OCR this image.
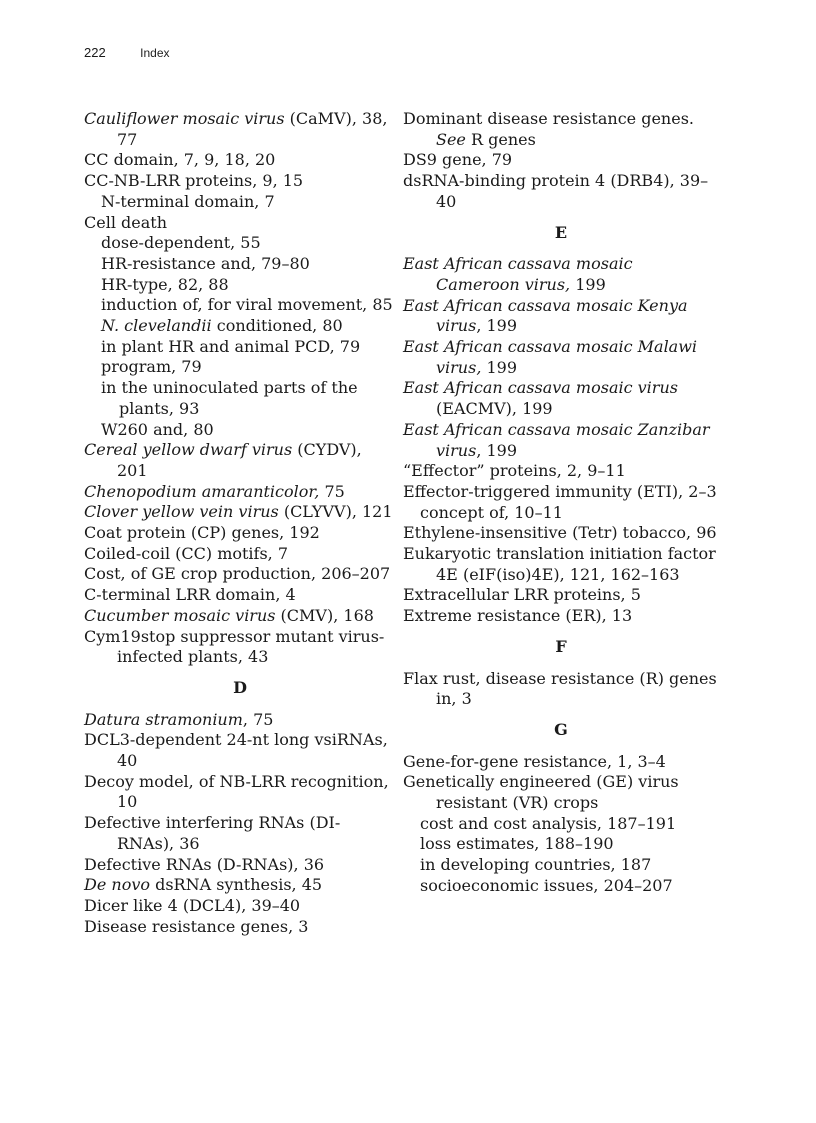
222	Index
Cauliflower mosaic virus (CaMV), 38, 77
CC domain, 7, 9, 18, 20
CC-NB-LRR proteins, 9, 15
N-terminal domain, 7
Cell death
dose-dependent, 55
HR-resistance and, 79–80
HR-type, 82, 88
induction of, for viral movement, 85
N. clevelandii conditioned, 80
in plant HR and animal PCD, 79
program, 79
in the uninoculated parts of the plants, 93
W260 and, 80
Cereal yellow dwarf virus (CYDV), 201
Chenopodium amaranticolor, 75
Clover yellow vein virus (CLYVV), 121
Coat protein (CP) genes, 192
Coiled-coil (CC) motifs, 7
Cost, of GE crop production, 206–207
C-terminal LRR domain, 4
Cucumber mosaic virus (CMV), 168
Cym19stop suppressor mutant virus-infected plants, 43
D
Datura stramonium, 75
DCL3-dependent 24-nt long vsiRNAs, 40
Decoy model, of NB-LRR recognition, 10
Defective interfering RNAs (DI-RNAs), 36
Defective RNAs (D-RNAs), 36
De novo dsRNA synthesis, 45
Dicer like 4 (DCL4), 39–40
Disease resistance genes, 3
Dominant disease resistance genes. See R genes
DS9 gene, 79
dsRNA-binding protein 4 (DRB4), 39–40
E
East African cassava mosaic Cameroon virus, 199
East African cassava mosaic Kenya virus, 199
East African cassava mosaic Malawi virus, 199
East African cassava mosaic virus (EACMV), 199
East African cassava mosaic Zanzibar virus, 199
“Effector” proteins, 2, 9–11
Effector-triggered immunity (ETI), 2–3
concept of, 10–11
Ethylene-insensitive (Tetr) tobacco, 96
Eukaryotic translation initiation factor 4E (eIF(iso)4E), 121, 162–163
Extracellular LRR proteins, 5
Extreme resistance (ER), 13
F
Flax rust, disease resistance (R) genes in, 3
G
Gene-for-gene resistance, 1, 3–4
Genetically engineered (GE) virus resistant (VR) crops
cost and cost analysis, 187–191
loss estimates, 188–190
in developing countries, 187
socioeconomic issues, 204–207
